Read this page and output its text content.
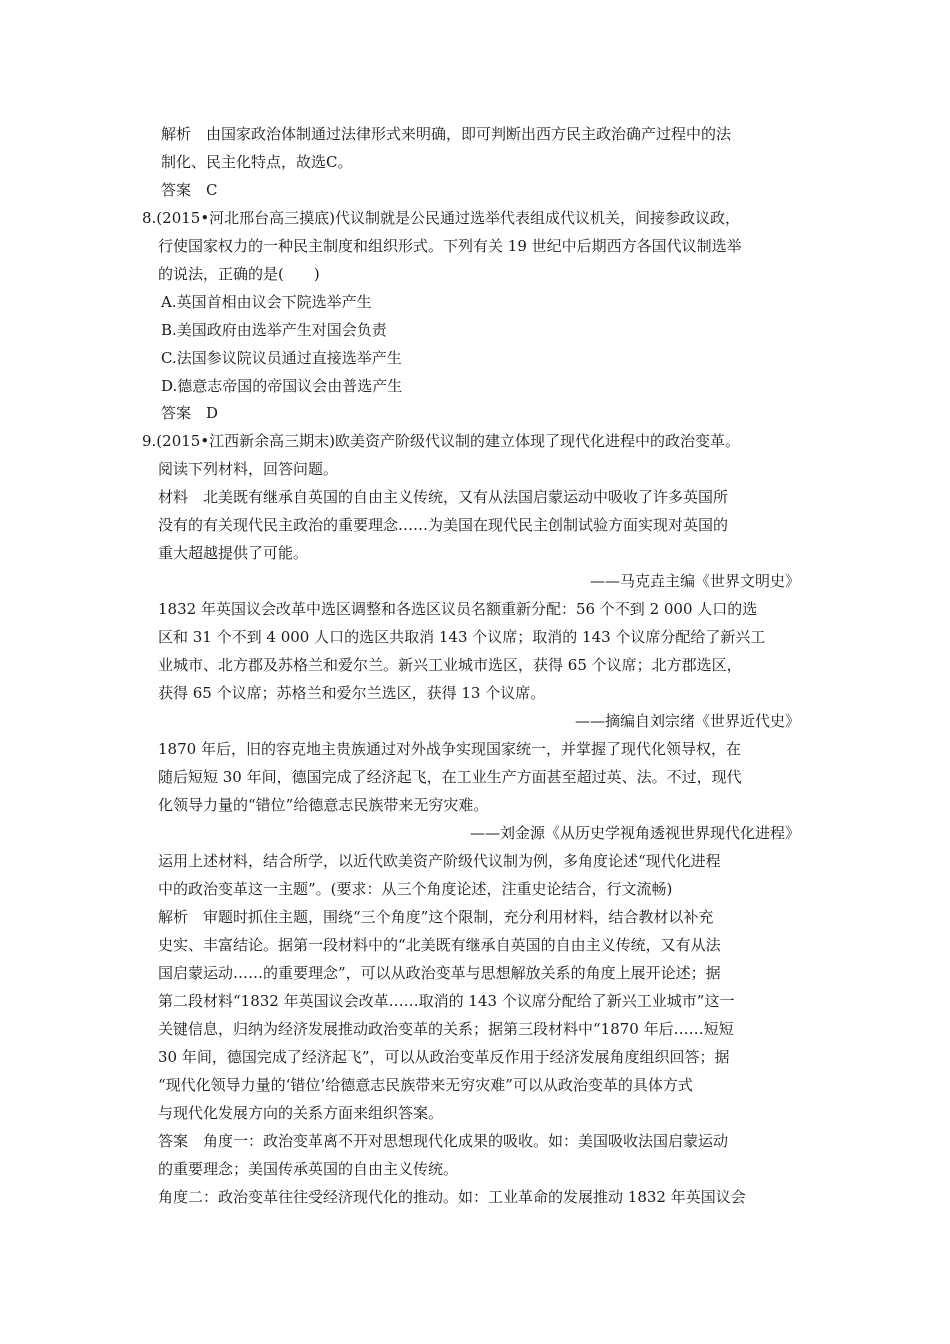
解析　由国家政治体制通过法律形式来明确，即可判断出西方民主政治确产过程中的法
制化、民主化特点，故选C。
答案　C
8.(2015•河北邢台高三摸底)代议制就是公民通过选举代表组成代议机关，间接参政议政，
行使国家权力的一种民主制度和组织形式。下列有关 19 世纪中后期西方各国代议制选举
的说法，正确的是(　　)
A.英国首相由议会下院选举产生
B.美国政府由选举产生对国会负责
C.法国参议院议员通过直接选举产生
D.德意志帝国的帝国议会由普选产生
答案　D
9.(2015•江西新余高三期末)欧美资产阶级代议制的建立体现了现代化进程中的政治变革。
阅读下列材料，回答问题。
材料　北美既有继承自英国的自由主义传统，又有从法国启蒙运动中吸收了许多英国所
没有的有关现代民主政治的重要理念……为美国在现代民主创制试验方面实现对英国的
重大超越提供了可能。
——马克垚主编《世界文明史》
1832 年英国议会改革中选区调整和各选区议员名额重新分配：56 个不到 2 000 人口的选
区和 31 个不到 4 000 人口的选区共取消 143 个议席；取消的 143 个议席分配给了新兴工
业城市、北方郡及苏格兰和爱尔兰。新兴工业城市选区，获得 65 个议席；北方郡选区，
获得 65 个议席；苏格兰和爱尔兰选区，获得 13 个议席。
——摘编自刘宗绪《世界近代史》
1870 年后，旧的容克地主贵族通过对外战争实现国家统一，并掌握了现代化领导权，在
随后短短 30 年间，德国完成了经济起飞，在工业生产方面甚至超过英、法。不过，现代
化领导力量的“错位”给德意志民族带来无穷灾难。
——刘金源《从历史学视角透视世界现代化进程》
运用上述材料，结合所学，以近代欧美资产阶级代议制为例，多角度论述“现代化进程
中的政治变革这一主题”。(要求：从三个角度论述，注重史论结合，行文流畅)
解析　审题时抓住主题，围绕“三个角度”这个限制，充分利用材料，结合教材以补充
史实、丰富结论。据第一段材料中的“北美既有继承自英国的自由主义传统，又有从法
国启蒙运动……的重要理念”，可以从政治变革与思想解放关系的角度上展开论述；据
第二段材料“1832 年英国议会改革……取消的 143 个议席分配给了新兴工业城市”这一
关键信息，归纳为经济发展推动政治变革的关系；据第三段材料中“1870 年后……短短
30 年间，德国完成了经济起飞”，可以从政治变革反作用于经济发展角度组织回答；据
“现代化领导力量的‘错位’给德意志民族带来无穷灾难”可以从政治变革的具体方式
与现代化发展方向的关系方面来组织答案。
答案　角度一：政治变革离不开对思想现代化成果的吸收。如：美国吸收法国启蒙运动
的重要理念；美国传承英国的自由主义传统。
角度二：政治变革往往受经济现代化的推动。如：工业革命的发展推动 1832 年英国议会
